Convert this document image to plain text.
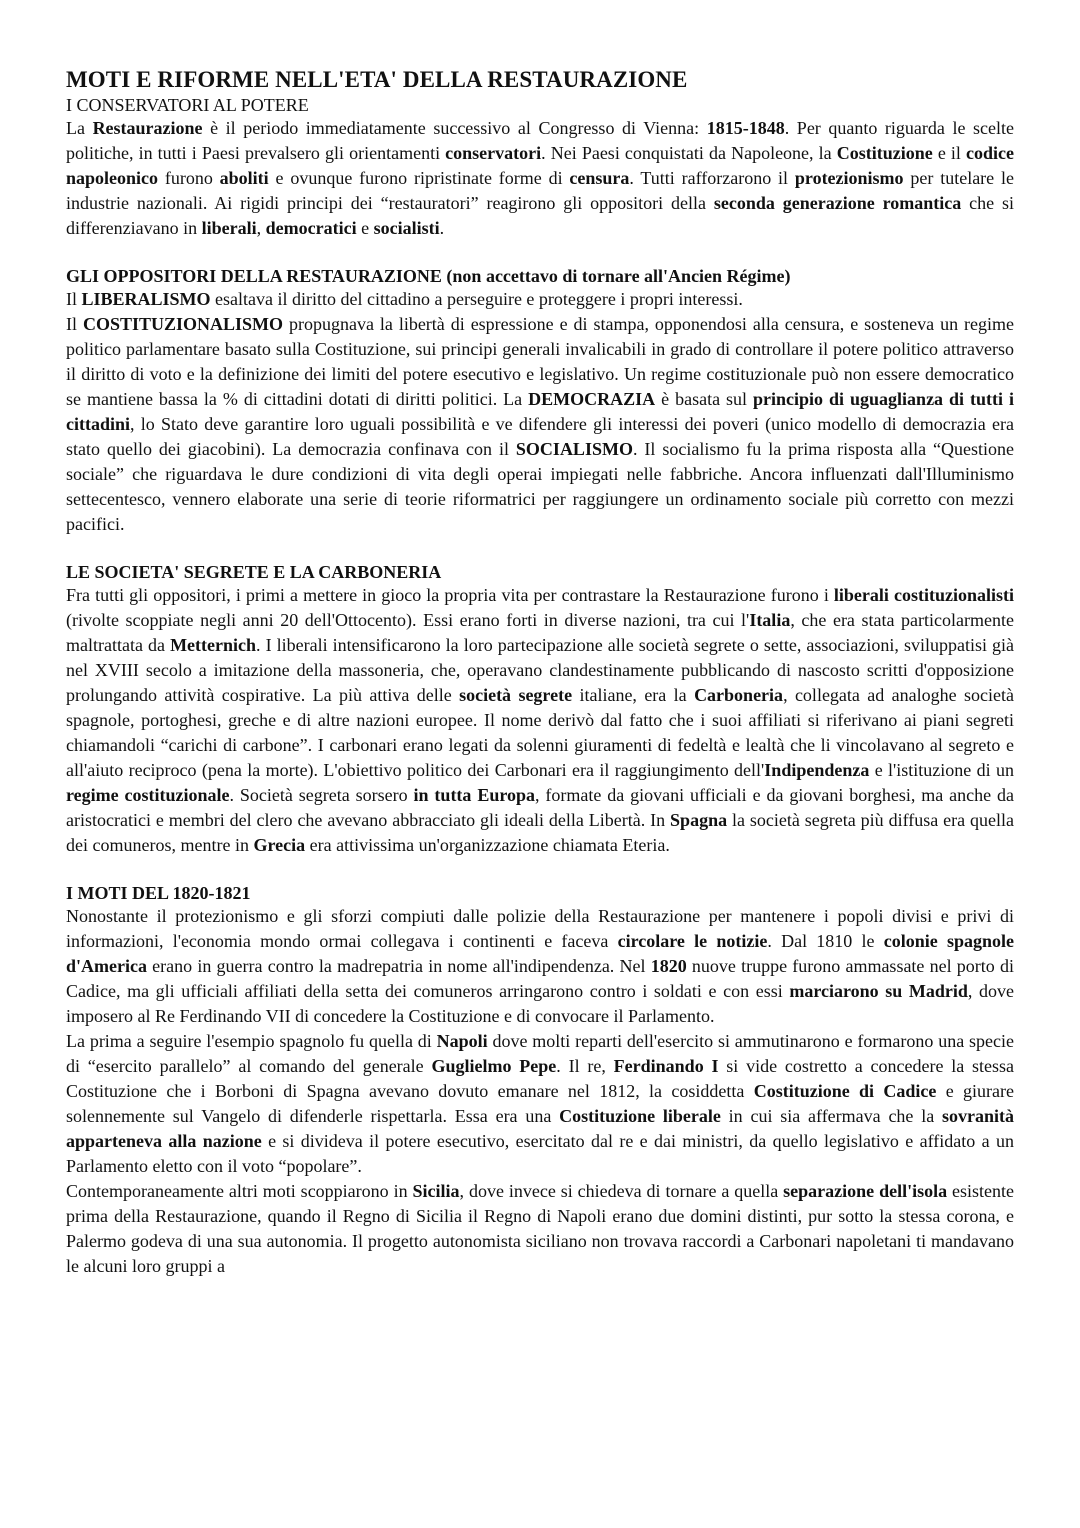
MOTI E RIFORME NELL'ETA' DELLA RESTAURAZIONE
I CONSERVATORI AL POTERE

La Restaurazione è il periodo immediatamente successivo al Congresso di Vienna: 1815-1848. Per quanto riguarda le scelte politiche, in tutti i Paesi prevalsero gli orientamenti conservatori. Nei Paesi conquistati da Napoleone, la Costituzione e il codice napoleonico furono aboliti e ovunque furono ripristinate forme di censura. Tutti rafforzarono il protezionismo per tutelare le industrie nazionali. Ai rigidi principi dei “restauratori” reagirono gli oppositori della seconda generazione romantica che si differenziavano in liberali, democratici e socialisti.

GLI OPPOSITORI DELLA RESTAURAZIONE (non accettavo di tornare all'Ancien Régime)

Il LIBERALISMO esaltava il diritto del cittadino a perseguire e proteggere i propri interessi.

Il COSTITUZIONALISMO propugnava la libertà di espressione e di stampa, opponendosi alla censura, e sosteneva un regime politico parlamentare basato sulla Costituzione, sui principi generali invalicabili in grado di controllare il potere politico attraverso il diritto di voto e la definizione dei limiti del potere esecutivo e legislativo. Un regime costituzionale può non essere democratico se mantiene bassa la % di cittadini dotati di diritti politici. La DEMOCRAZIA è basata sul principio di uguaglianza di tutti i cittadini, lo Stato deve garantire loro uguali possibilità e ve difendere gli interessi dei poveri (unico modello di democrazia era stato quello dei giacobini). La democrazia confinava con il SOCIALISMO. Il socialismo fu la prima risposta alla “Questione sociale” che riguardava le dure condizioni di vita degli operai impiegati nelle fabbriche. Ancora influenzati dall'Illuminismo settecentesco, vennero elaborate una serie di teorie riformatrici per raggiungere un ordinamento sociale più corretto con mezzi pacifici.

LE SOCIETA' SEGRETE E LA CARBONERIA

Fra tutti gli oppositori, i primi a mettere in gioco la propria vita per contrastare la Restaurazione furono i liberali costituzionalisti (rivolte scoppiate negli anni 20 dell'Ottocento). Essi erano forti in diverse nazioni, tra cui l'Italia, che era stata particolarmente maltrattata da Metternich. I liberali intensificarono la loro partecipazione alle società segrete o sette, associazioni, sviluppatisi già nel XVIII secolo a imitazione della massoneria, che, operavano clandestinamente pubblicando di nascosto scritti d'opposizione prolungando attività cospirative. La più attiva delle società segrete italiane, era la Carboneria, collegata ad analoghe società spagnole, portoghesi, greche e di altre nazioni europee. Il nome derivò dal fatto che i suoi affiliati si riferivano ai piani segreti chiamandoli “carichi di carbone”. I carbonari erano legati da solenni giuramenti di fedeltà e lealtà che li vincolavano al segreto e all'aiuto reciproco (pena la morte). L'obiettivo politico dei Carbonari era il raggiungimento dell'Indipendenza e l'istituzione di un regime costituzionale. Società segreta sorsero in tutta Europa, formate da giovani ufficiali e da giovani borghesi, ma anche da aristocratici e membri del clero che avevano abbracciato gli ideali della Libertà. In Spagna la società segreta più diffusa era quella dei comuneros, mentre in Grecia era attivissima un'organizzazione chiamata Eteria.

I MOTI DEL 1820-1821

Nonostante il protezionismo e gli sforzi compiuti dalle polizie della Restaurazione per mantenere i popoli divisi e privi di informazioni, l'economia mondo ormai collegava i continenti e faceva circolare le notizie. Dal 1810 le colonie spagnole d'America erano in guerra contro la madrepatria in nome all'indipendenza. Nel 1820 nuove truppe furono ammassate nel porto di Cadice, ma gli ufficiali affiliati della setta dei comuneros arringarono contro i soldati e con essi marciarono su Madrid, dove imposero al Re Ferdinando VII di concedere la Costituzione e di convocare il Parlamento.

La prima a seguire l'esempio spagnolo fu quella di Napoli dove molti reparti dell'esercito si ammutinarono e formarono una specie di “esercito parallelo” al comando del generale Guglielmo Pepe. Il re, Ferdinando I si vide costretto a concedere la stessa Costituzione che i Borboni di Spagna avevano dovuto emanare nel 1812, la cosiddetta Costituzione di Cadice e giurare solennemente sul Vangelo di difenderle rispettarla. Essa era una Costituzione liberale in cui sia affermava che la sovranità apparteneva alla nazione e si divideva il potere esecutivo, esercitato dal re e dai ministri, da quello legislativo e affidato a un Parlamento eletto con il voto “popolare”.

Contemporaneamente altri moti scoppiarono in Sicilia, dove invece si chiedeva di tornare a quella separazione dell'isola esistente prima della Restaurazione, quando il Regno di Sicilia il Regno di Napoli erano due domini distinti, pur sotto la stessa corona, e Palermo godeva di una sua autonomia. Il progetto autonomista siciliano non trovava raccordi a Carbonari napoletani ti mandavano le alcuni loro gruppi a
